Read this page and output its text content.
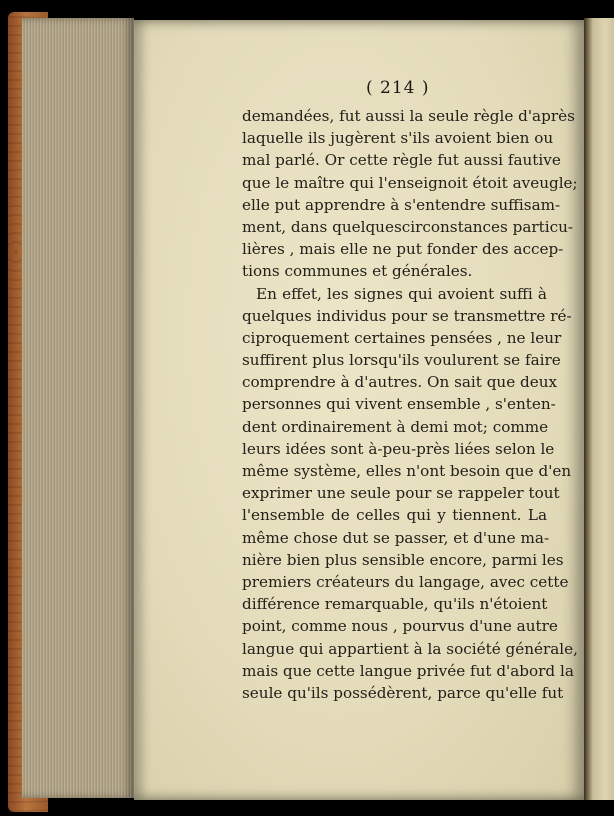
( 214 )
demandées, fut aussi la seule règle d'après
laquelle ils jugèrent s'ils avoient bien ou
mal parlé. Or cette règle fut aussi fautive
que le maître qui l'enseignoit étoit aveugle;
elle put apprendre à s'entendre suffisam-
ment, dans quelquescirconstances particu-
lières , mais elle ne put fonder des accep-
tions communes et générales.
En effet, les signes qui avoient suffi à
quelques individus pour se transmettre ré-
ciproquement certaines pensées , ne leur
suffirent plus lorsqu'ils voulurent se faire
comprendre à d'autres. On sait que deux
personnes qui vivent ensemble , s'enten-
dent ordinairement à demi mot; comme
leurs idées sont à-peu-près liées selon le
même système, elles n'ont besoin que d'en
exprimer une seule pour se rappeler tout
l'ensemble de celles qui y tiennent. La
même chose dut se passer, et d'une ma-
nière bien plus sensible encore, parmi les
premiers créateurs du langage, avec cette
différence remarquable, qu'ils n'étoient
point, comme nous , pourvus d'une autre
langue qui appartient à la société générale,
mais que cette langue privée fut d'abord la
seule qu'ils possédèrent, parce qu'elle fut
